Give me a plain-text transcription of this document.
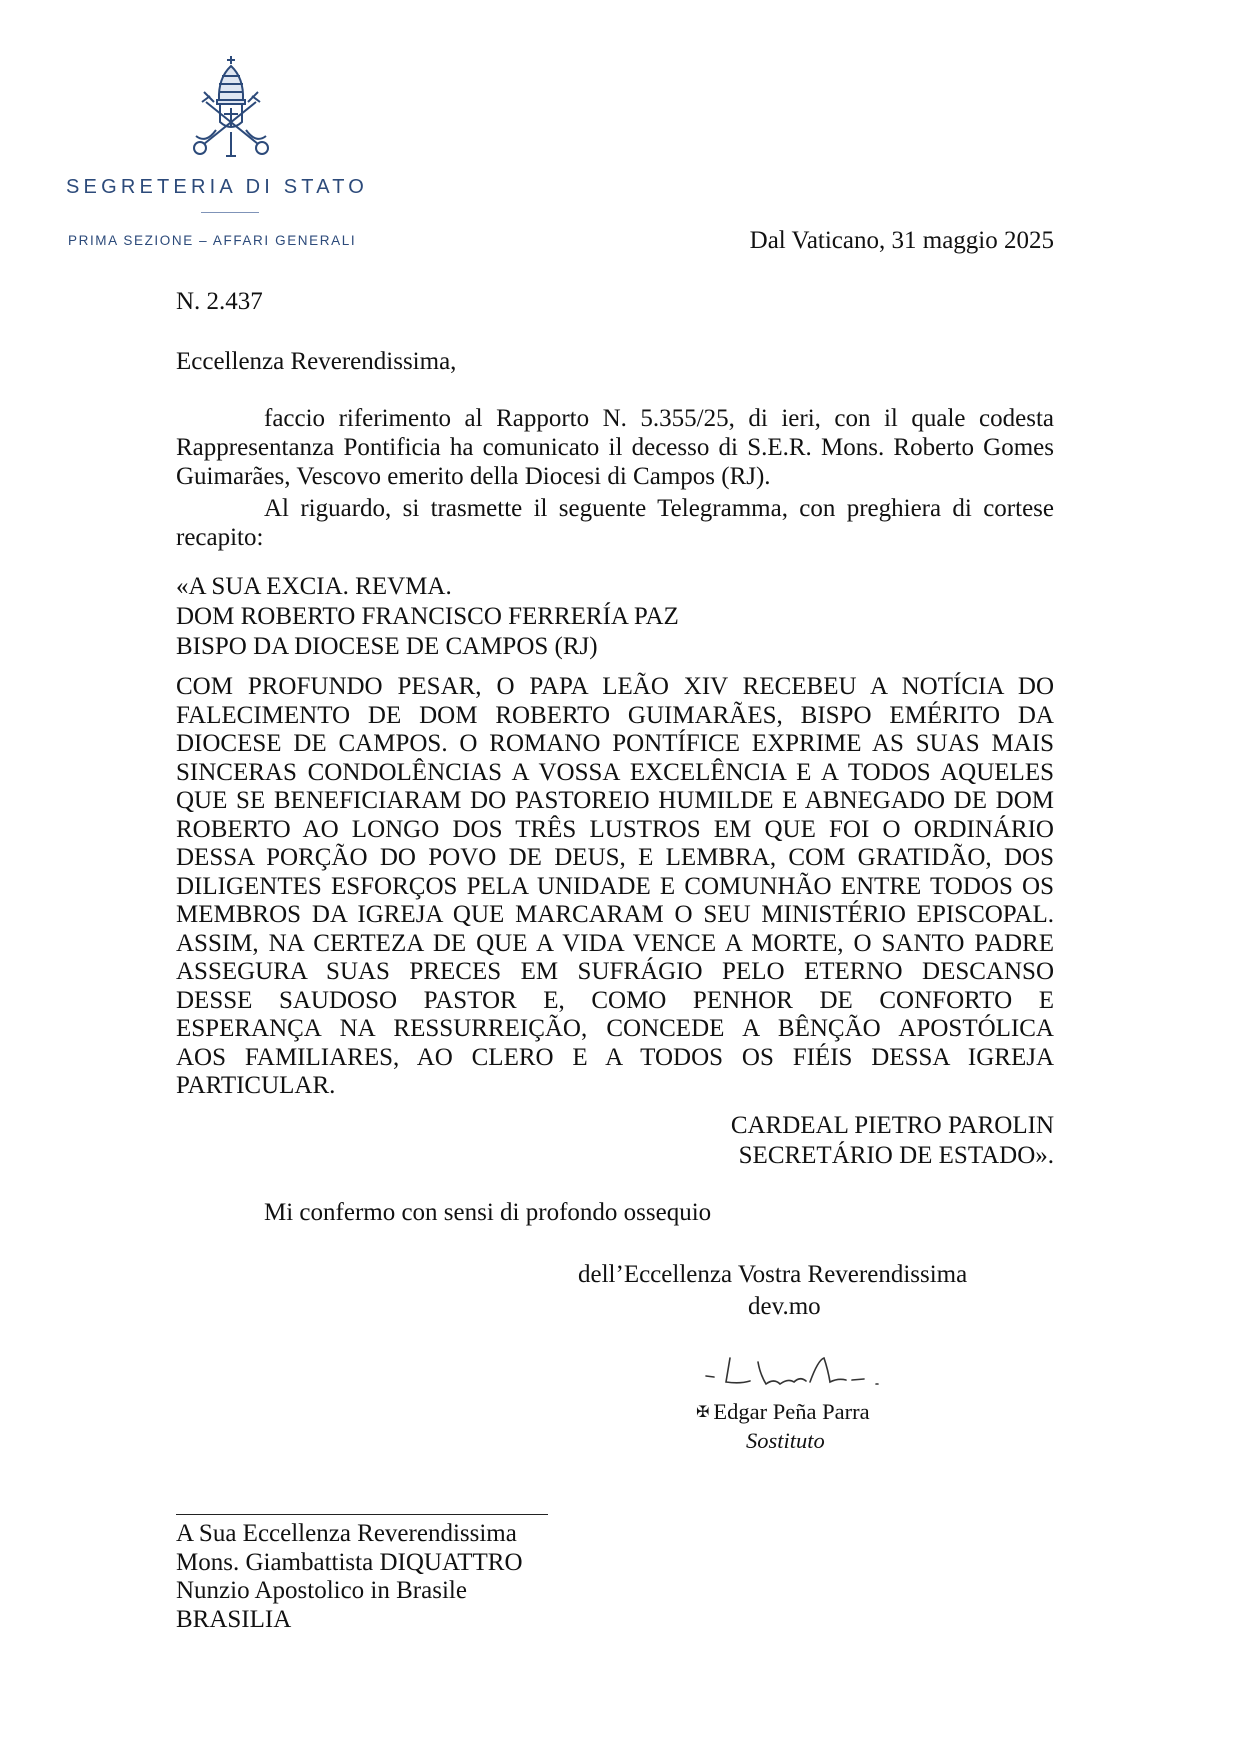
SEGRETERIA DI STATO
PRIMA SEZIONE – AFFARI GENERALI	Dal Vaticano, 31 maggio 2025
N. 2.437
Eccellenza Reverendissima,
faccio riferimento al Rapporto N. 5.355/25, di ieri, con il quale codesta Rappresentanza Pontificia ha comunicato il decesso di S.E.R. Mons. Roberto Gomes Guimarães, Vescovo emerito della Diocesi di Campos (RJ).
Al riguardo, si trasmette il seguente Telegramma, con preghiera di cortese recapito:
«A SUA EXCIA. REVMA.
DOM ROBERTO FRANCISCO FERRERÍA PAZ
BISPO DA DIOCESE DE CAMPOS (RJ)
COM PROFUNDO PESAR, O PAPA LEÃO XIV RECEBEU A NOTÍCIA DO
FALECIMENTO DE DOM ROBERTO GUIMARÃES, BISPO EMÉRITO DA
DIOCESE DE CAMPOS. O ROMANO PONTÍFICE EXPRIME AS SUAS MAIS
SINCERAS CONDOLÊNCIAS A VOSSA EXCELÊNCIA E A TODOS AQUELES
QUE SE BENEFICIARAM DO PASTOREIO HUMILDE E ABNEGADO DE DOM
ROBERTO AO LONGO DOS TRÊS LUSTROS EM QUE FOI O ORDINÁRIO
DESSA PORÇÃO DO POVO DE DEUS, E LEMBRA, COM GRATIDÃO, DOS
DILIGENTES ESFORÇOS PELA UNIDADE E COMUNHÃO ENTRE TODOS OS
MEMBROS DA IGREJA QUE MARCARAM O SEU MINISTÉRIO EPISCOPAL.
ASSIM, NA CERTEZA DE QUE A VIDA VENCE A MORTE, O SANTO PADRE
ASSEGURA SUAS PRECES EM SUFRÁGIO PELO ETERNO DESCANSO
DESSE SAUDOSO PASTOR E, COMO PENHOR DE CONFORTO E
ESPERANÇA NA RESSURREIÇÃO, CONCEDE A BÊNÇÃO APOSTÓLICA
AOS FAMILIARES, AO CLERO E A TODOS OS FIÉIS DESSA IGREJA
PARTICULAR.
CARDEAL PIETRO PAROLIN
SECRETÁRIO DE ESTADO».
Mi confermo con sensi di profondo ossequio
dell’Eccellenza Vostra Reverendissima
dev.mo
✠ Edgar Peña Parra
Sostituto
A Sua Eccellenza Reverendissima
Mons. Giambattista DIQUATTRO
Nunzio Apostolico in Brasile
BRASILIA
